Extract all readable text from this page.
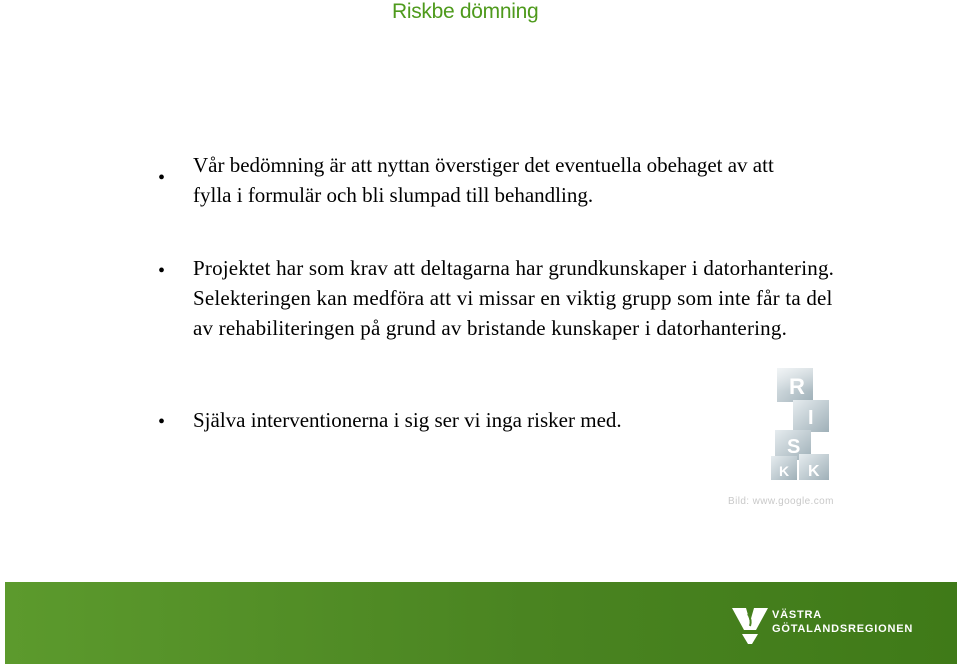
Riskbe dömning
•
Vår bedömning är att nyttan överstiger det eventuella obehaget av att fylla i formulär och bli slumpad till behandling.
• Projektet har som krav att deltagarna har grundkunskaper i datorhantering. Selekteringen kan medföra att vi missar en viktig grupp som inte får ta del av rehabiliteringen på grund av bristande kunskaper i datorhantering.
• Själva interventionerna i sig ser vi inga risker med.
Bild: www.google.com
VÄSTRA
GÖTALANDSREGIONEN
